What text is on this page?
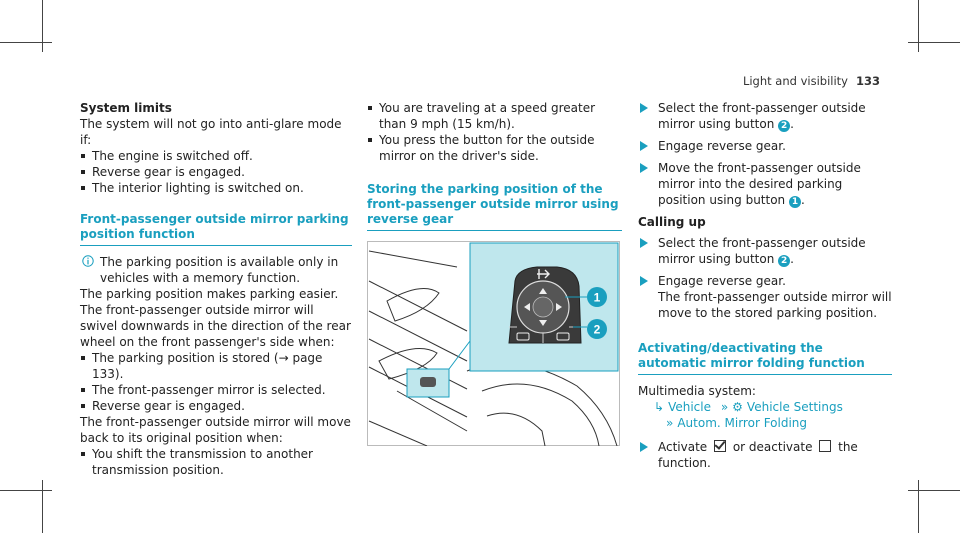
Light and visibility 133

System limits

The system will not go into anti-glare mode if:

The engine is switched off.
Reverse gear is engaged.
The interior lighting is switched on.

Front-passenger outside mirror parking position function

The parking position is available only in vehicles with a memory function.

The parking position makes parking easier.

The front-passenger outside mirror will swivel downwards in the direction of the rear wheel on the front passenger's side when:

The parking position is stored (→ page 133).
The front-passenger mirror is selected.
Reverse gear is engaged.

The front-passenger outside mirror will move back to its original position when:

You shift the transmission to another transmission position.
You are traveling at a speed greater than 9 mph (15 km/h).
You press the button for the outside mirror on the driver's side.

Storing the parking position of the front-passenger outside mirror using reverse gear

1
2
Select the front-passenger outside mirror using button 2 .
Engage reverse gear.
Move the front-passenger outside mirror into the desired parking position using button 1 .

Calling up

Select the front-passenger outside mirror using button 2 .
Engage reverse gear.
The front-passenger outside mirror will move to the stored parking position.

Activating/deactivating the automatic mirror folding function

Multimedia system:

↳ Vehicle » ⚙ Vehicle Settings
» Autom. Mirror Folding
Activate or deactivate the function.
